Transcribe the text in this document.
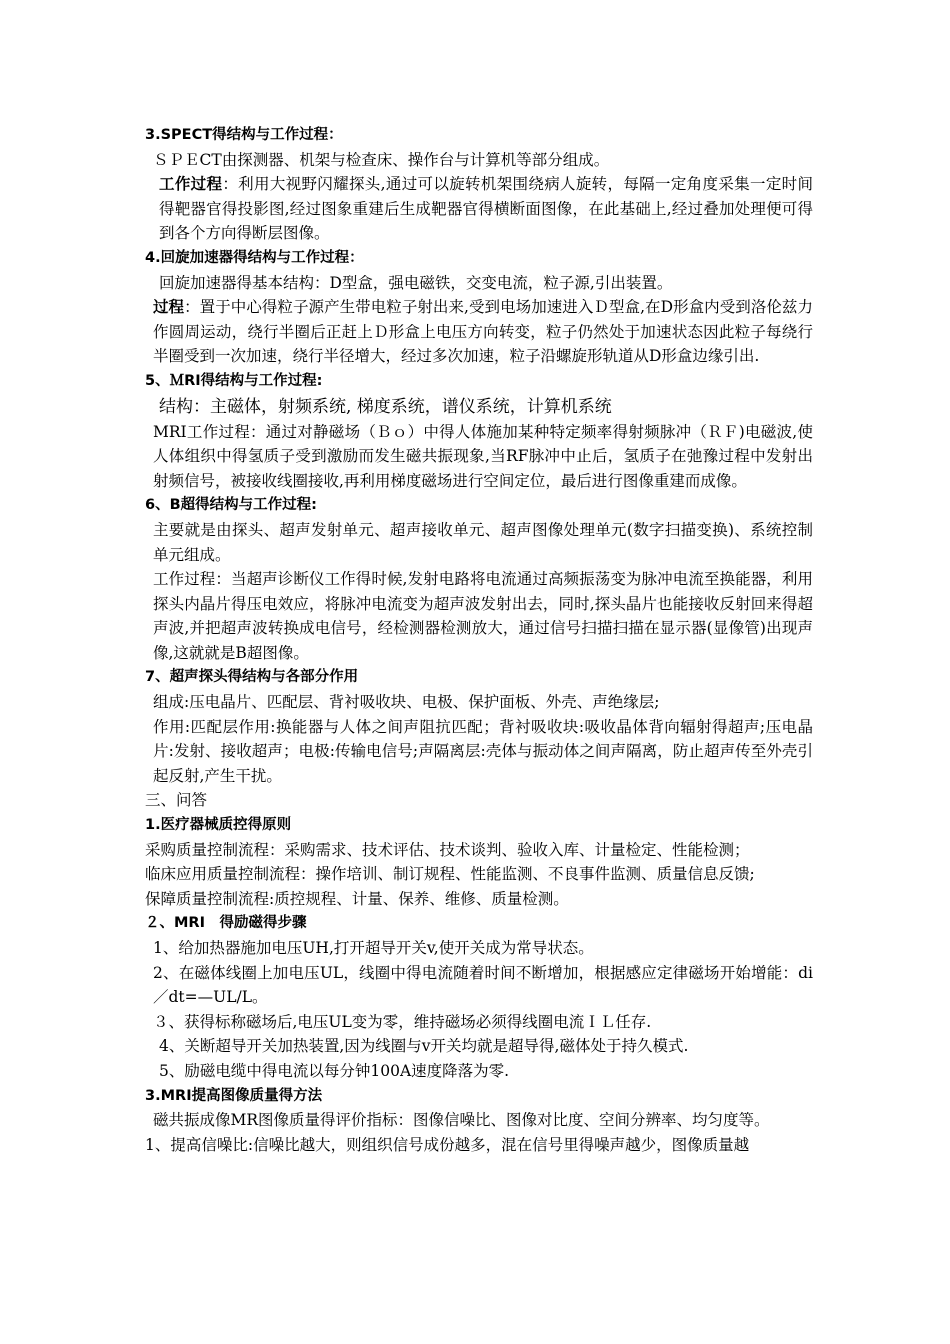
3.SPECT得结构与工作过程：

ＳＰＥCT由探测器、机架与检查床、操作台与计算机等部分组成。

工作过程：利用大视野闪耀探头,通过可以旋转机架围绕病人旋转，每隔一定角度采集一定时间得靶器官得投影图,经过图象重建后生成靶器官得横断面图像，在此基础上,经过叠加处理便可得到各个方向得断层图像。

4.回旋加速器得结构与工作过程：

回旋加速器得基本结构：D型盒，强电磁铁，交变电流，粒子源,引出装置。

过程：置于中心得粒子源产生带电粒子射出来,受到电场加速进入Ｄ型盒,在D形盒内受到洛伦兹力作圆周运动，绕行半圈后正赶上Ｄ形盒上电压方向转变，粒子仍然处于加速状态因此粒子每绕行半圈受到一次加速，绕行半径增大，经过多次加速，粒子沿螺旋形轨道从D形盒边缘引出.

5、ＭRI得结构与工作过程:

结构：主磁体，射频系统, 梯度系统，谱仪系统，计算机系统

MRI工作过程：通过对静磁场（Ｂｏ）中得人体施加某种特定频率得射频脉冲（ＲＦ)电磁波,使人体组织中得氢质子受到激励而发生磁共振现象,当RF脉冲中止后，氢质子在弛豫过程中发射出射频信号，被接收线圈接收,再利用梯度磁场进行空间定位，最后进行图像重建而成像。

6、B超得结构与工作过程:

主要就是由探头、超声发射单元、超声接收单元、超声图像处理单元(数字扫描变换)、系统控制单元组成。

工作过程：当超声诊断仪工作得时候,发射电路将电流通过高频振荡变为脉冲电流至换能器，利用探头内晶片得压电效应，将脉冲电流变为超声波发射出去，同时,探头晶片也能接收反射回来得超声波,并把超声波转换成电信号，经检测器检测放大，通过信号扫描扫描在显示器(显像管)出现声像,这就就是B超图像。

7、超声探头得结构与各部分作用

组成:压电晶片、匹配层、背衬吸收块、电极、保护面板、外壳、声绝缘层;

作用:匹配层作用:换能器与人体之间声阻抗匹配；背衬吸收块:吸收晶体背向辐射得超声;压电晶片:发射、接收超声；电极:传输电信号;声隔离层:壳体与振动体之间声隔离，防止超声传至外壳引起反射,产生干扰。

三、问答

1.医疗器械质控得原则

采购质量控制流程：采购需求、技术评估、技术谈判、验收入库、计量检定、性能检测；

临床应用质量控制流程：操作培训、制订规程、性能监测、不良事件监测、质量信息反馈;

保障质量控制流程:质控规程、计量、保养、维修、质量检测。

２、MRI　得励磁得步骤

1、给加热器施加电压UH,打开超导开关v,使开关成为常导状态。

2、在磁体线圈上加电压UL，线圈中得电流随着时间不断增加，根据感应定律磁场开始增能：di／dt=—UL/L。

３、获得标称磁场后,电压UL变为零，维持磁场必须得线圈电流ＩＬ任存.

4、关断超导开关加热装置,因为线圈与v开关均就是超导得,磁体处于持久模式.

5、励磁电缆中得电流以每分钟100A速度降落为零.

3.MRI提高图像质量得方法

磁共振成像MR图像质量得评价指标：图像信噪比、图像对比度、空间分辨率、均匀度等。

1、提高信噪比:信噪比越大，则组织信号成份越多，混在信号里得噪声越少，图像质量越
